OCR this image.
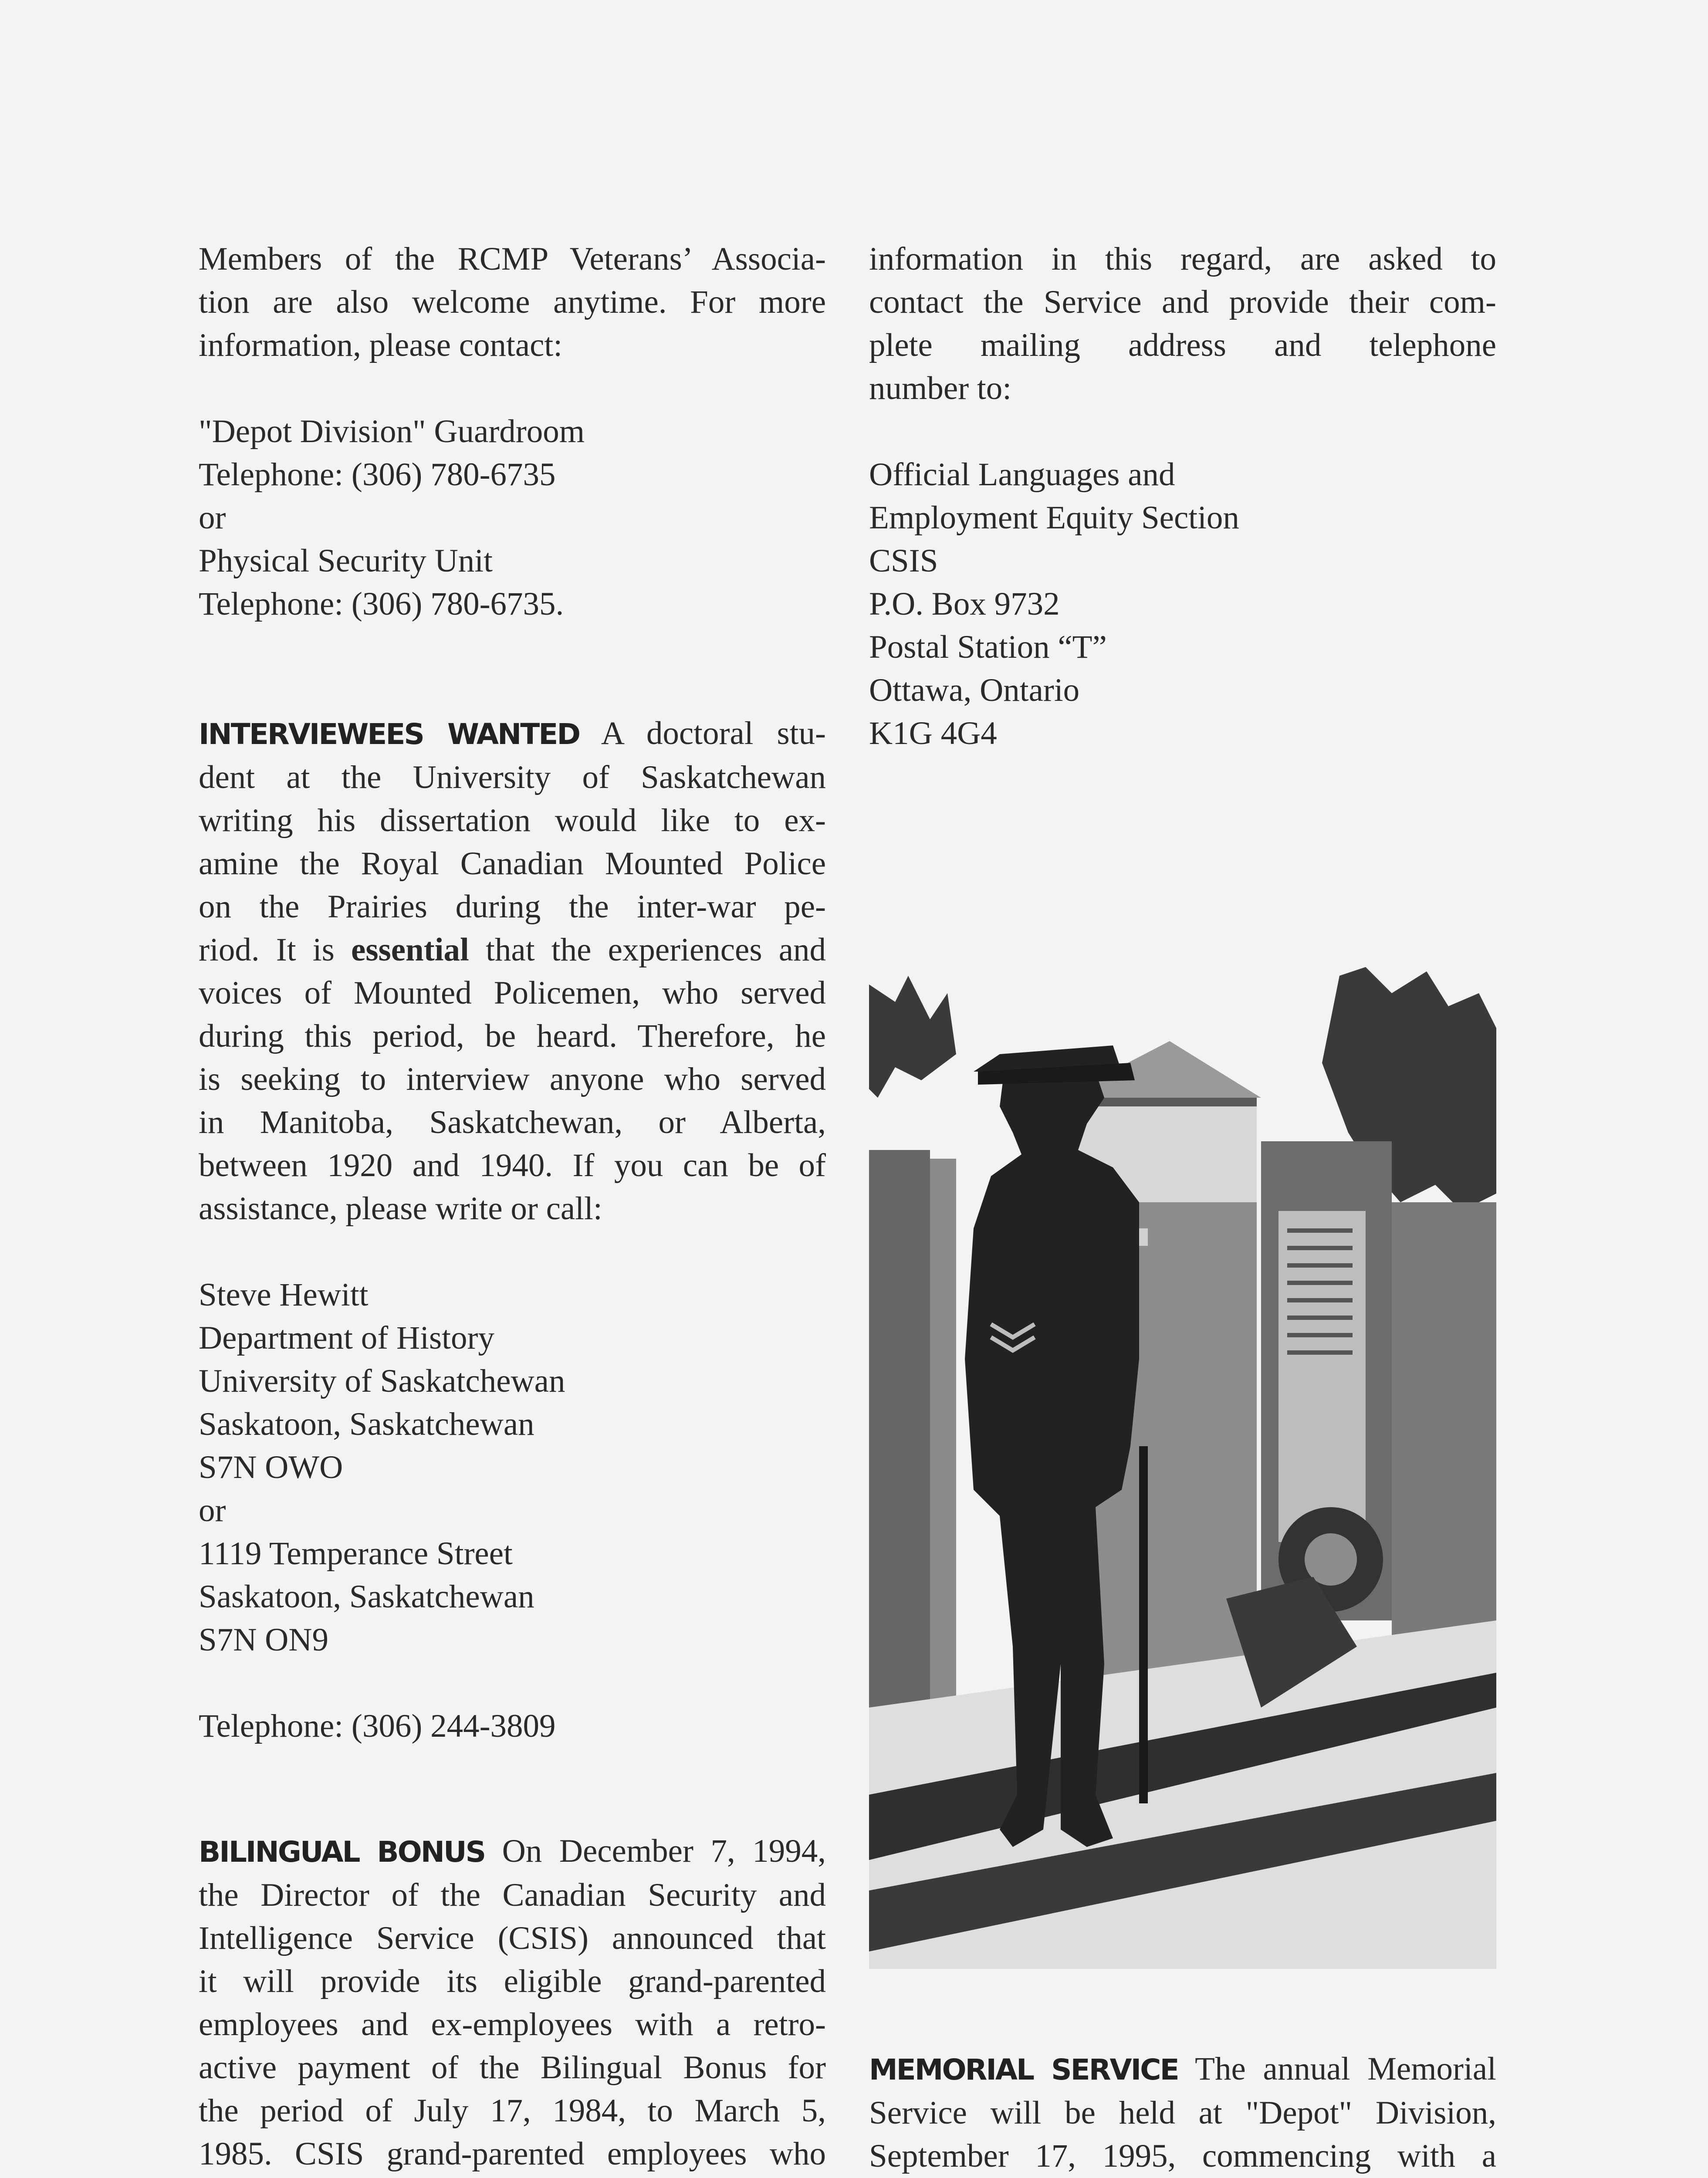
Members of the RCMP Veterans’ Associa-
tion are also welcome anytime. For more
information, please contact:
"Depot Division" Guardroom
Telephone: (306) 780-6735
or
Physical Security Unit
Telephone: (306) 780-6735.
INTERVIEWEES WANTED A doctoral stu-
dent at the University of Saskatchewan
writing his dissertation would like to ex-
amine the Royal Canadian Mounted Police
on the Prairies during the inter-war pe-
riod. It is essential that the experiences and
voices of Mounted Policemen, who served
during this period, be heard. Therefore, he
is seeking to interview anyone who served
in Manitoba, Saskatchewan, or Alberta,
between 1920 and 1940. If you can be of
assistance, please write or call:
Steve Hewitt
Department of History
University of Saskatchewan
Saskatoon, Saskatchewan
S7N OWO
or
1119 Temperance Street
Saskatoon, Saskatchewan
S7N ON9
Telephone: (306) 244-3809
BILINGUAL BONUS On December 7, 1994,
the Director of the Canadian Security and
Intelligence Service (CSIS) announced that
it will provide its eligible grand-parented
employees and ex-employees with a retro-
active payment of the Bilingual Bonus for
the period of July 17, 1984, to March 5,
1985. CSIS grand-parented employees who
information in this regard, are asked to
contact the Service and provide their com-
plete mailing address and telephone
number to:
Official Languages and
Employment Equity Section
CSIS
P.O. Box 9732
Postal Station “T”
Ottawa, Ontario
K1G 4G4
MEMORIAL SERVICE The annual Memorial
Service will be held at "Depot" Division,
September 17, 1995, commencing with a
